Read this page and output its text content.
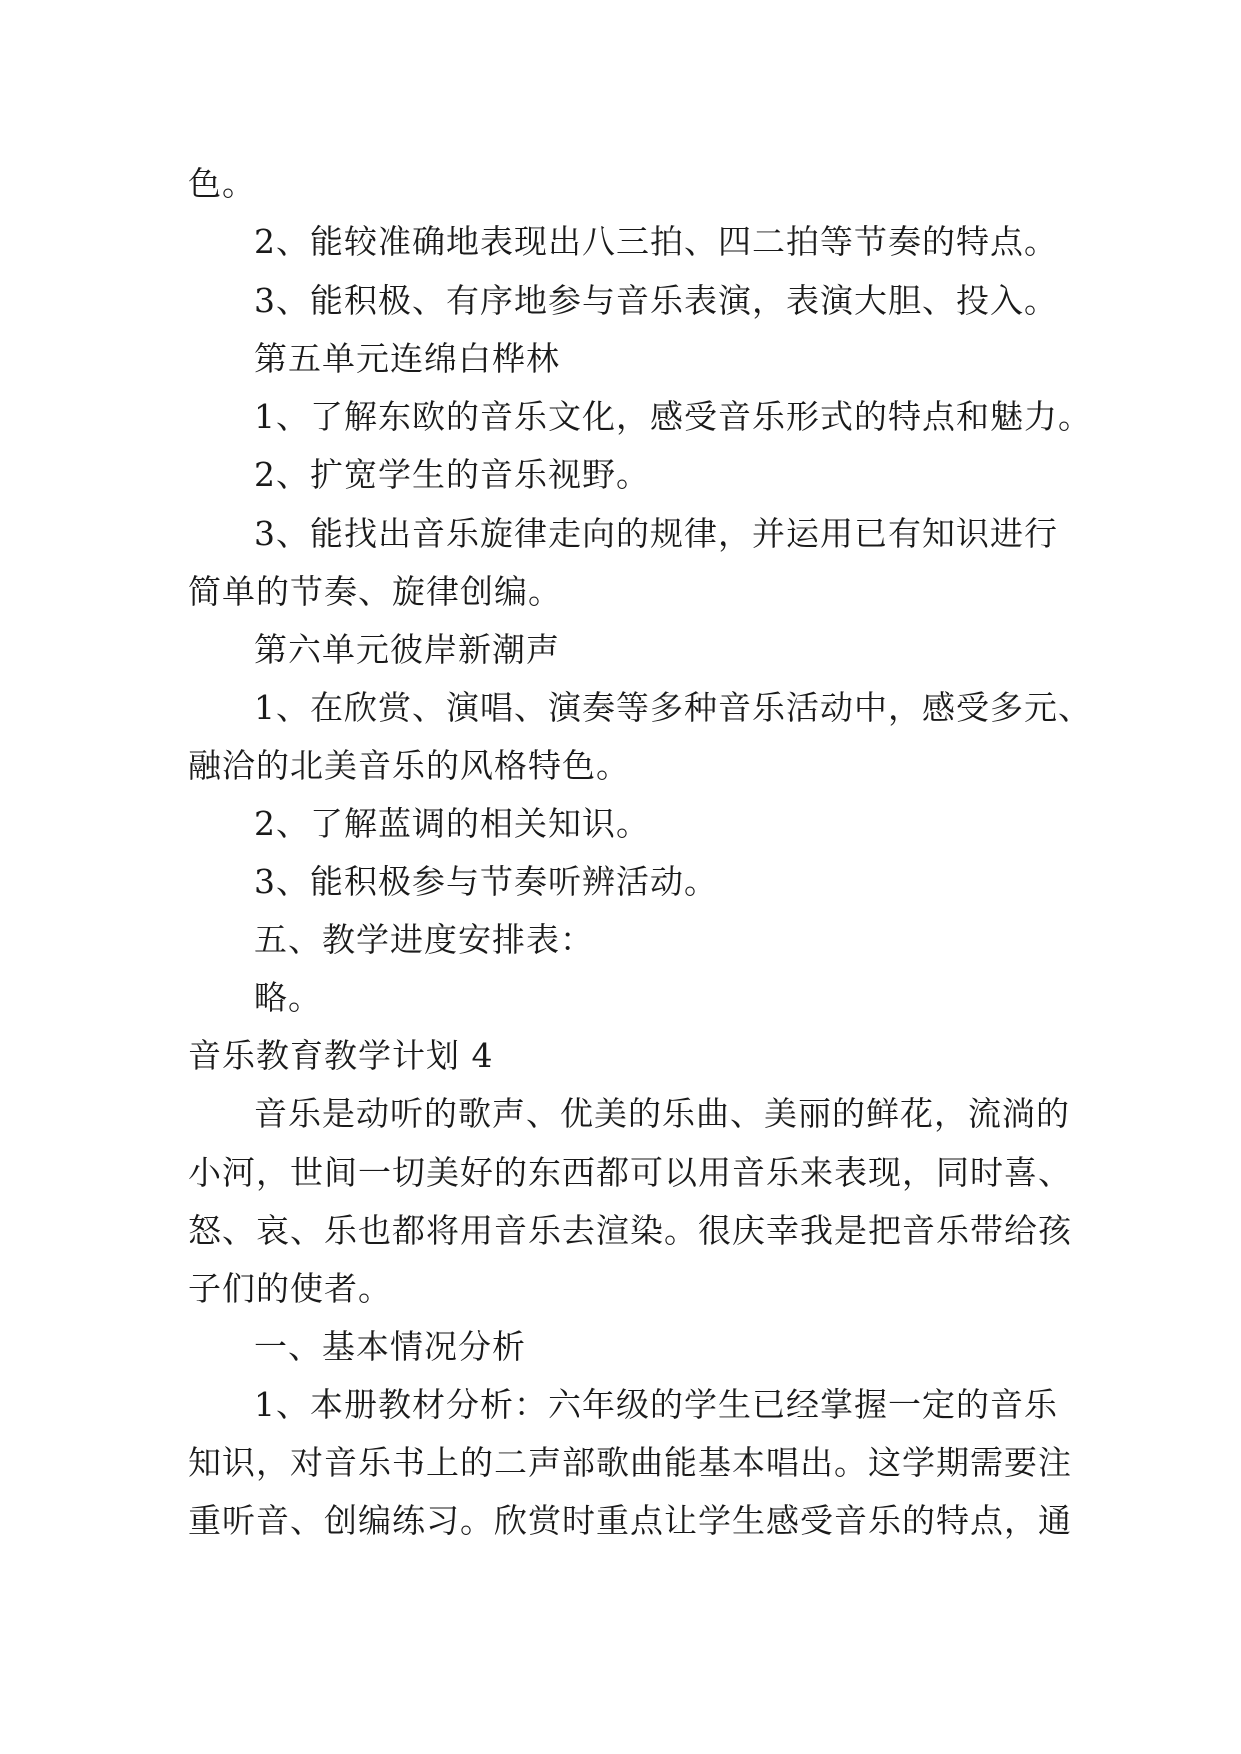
色。
2、能较准确地表现出八三拍、四二拍等节奏的特点。
3、能积极、有序地参与音乐表演，表演大胆、投入。
第五单元连绵白桦林
1、了解东欧的音乐文化，感受音乐形式的特点和魅力。
2、扩宽学生的音乐视野。
3、能找出音乐旋律走向的规律，并运用已有知识进行
简单的节奏、旋律创编。
第六单元彼岸新潮声
1、在欣赏、演唱、演奏等多种音乐活动中，感受多元、
融洽的北美音乐的风格特色。
2、了解蓝调的相关知识。
3、能积极参与节奏听辨活动。
五、教学进度安排表：
略。
音乐教育教学计划 4
音乐是动听的歌声、优美的乐曲、美丽的鲜花，流淌的
小河，世间一切美好的东西都可以用音乐来表现，同时喜、
怒、哀、乐也都将用音乐去渲染。很庆幸我是把音乐带给孩
子们的使者。
一、基本情况分析
1、本册教材分析：六年级的学生已经掌握一定的音乐
知识，对音乐书上的二声部歌曲能基本唱出。这学期需要注
重听音、创编练习。欣赏时重点让学生感受音乐的特点，通
